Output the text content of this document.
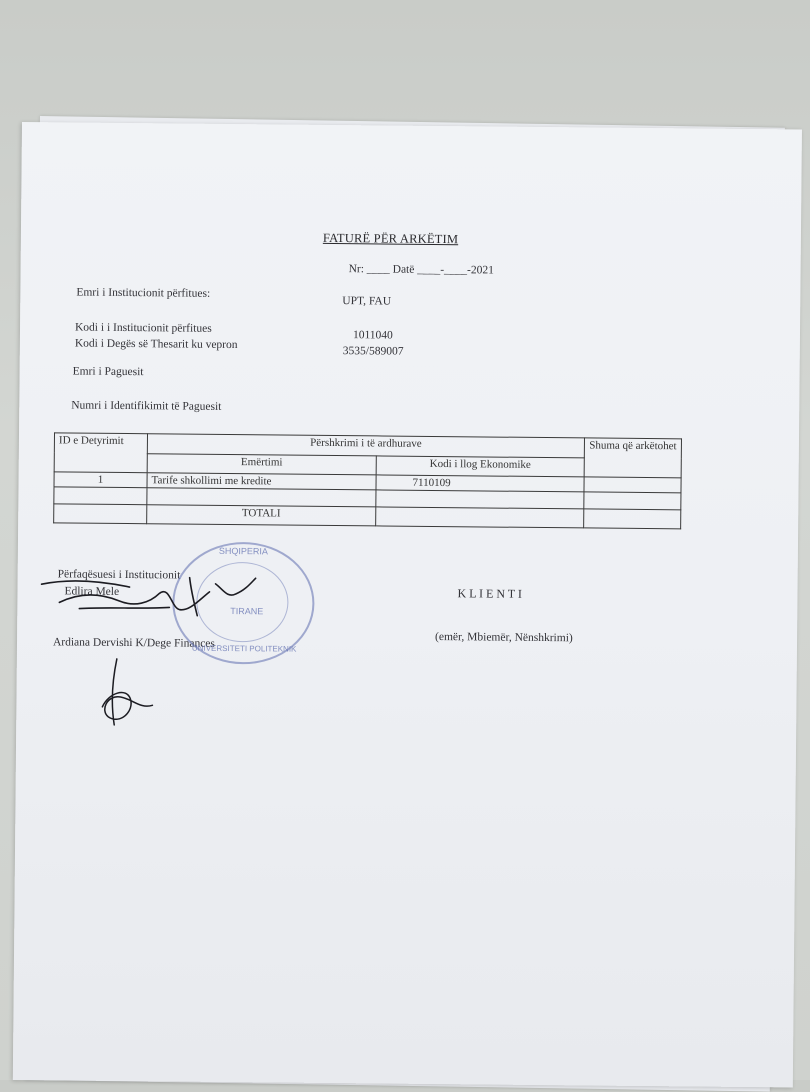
FATURË PËR ARKËTIM
Nr: ____ Datë ____-____-2021
Emri i Institucionit përfitues:
UPT, FAU
Kodi i i Institucionit përfitues
1011040
Kodi i Degës së Thesarit ku vepron
3535/589007
Emri i Paguesit
Numri i Identifikimit të Paguesit
ID e Detyrimit	Përshkrimi i të ardhurave		Shuma që arkëtohet
	Emërtimi	Kodi i llog Ekonomike	
1	Tarife shkollimi me kredite	7110109	

	TOTALI		
Përfaqësuesi i Institucionit
Edlira Mele
Ardiana Dervishi K/Dege Finances
K L I E N T I
(emër, Mbiemër, Nënshkrimi)
SHQIPERIA
TIRANE
UNIVERSITETI POLITEKNIK
